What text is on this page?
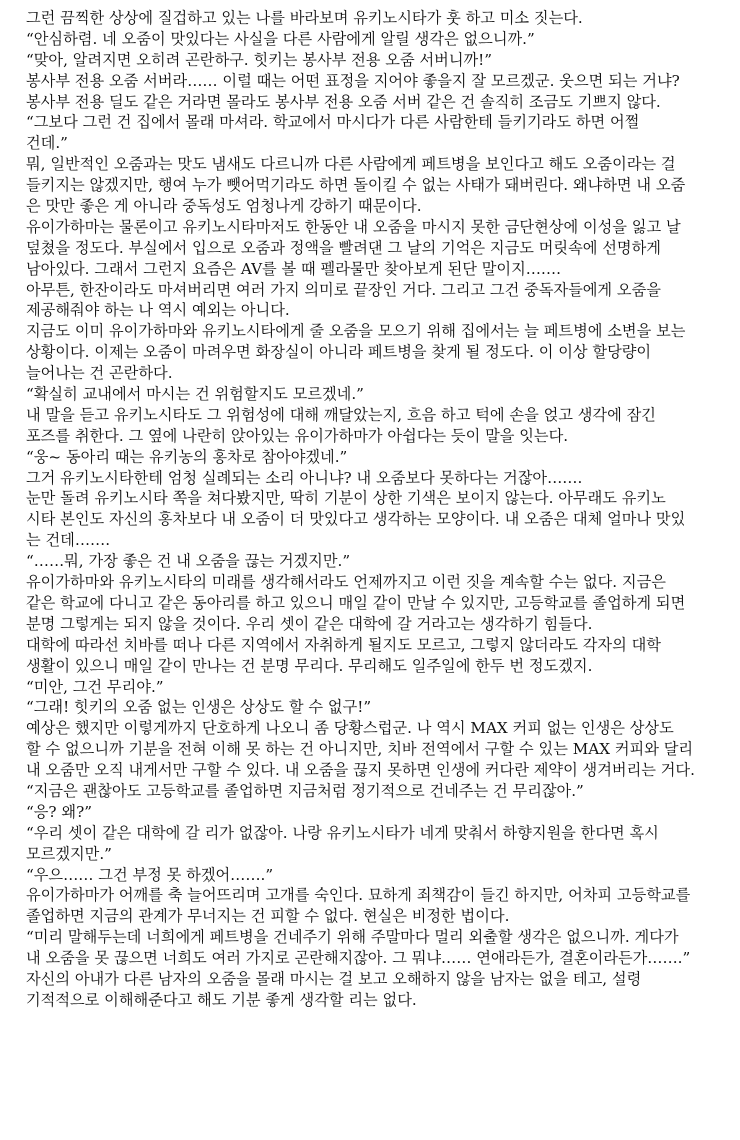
그런 끔찍한 상상에 질겁하고 있는 나를 바라보며 유키노시타가 훗 하고 미소 짓는다.
“안심하렴. 네 오줌이 맛있다는 사실을 다른 사람에게 알릴 생각은 없으니까.”
“맞아, 알려지면 오히려 곤란하구. 힛키는 봉사부 전용 오줌 서버니까!”
봉사부 전용 오줌 서버라…… 이럴 때는 어떤 표정을 지어야 좋을지 잘 모르겠군. 웃으면 되는 거냐?
봉사부 전용 딜도 같은 거라면 몰라도 봉사부 전용 오줌 서버 같은 건 솔직히 조금도 기쁘지 않다.
“그보다 그런 건 집에서 몰래 마셔라. 학교에서 마시다가 다른 사람한테 들키기라도 하면 어쩔
건데.”
뭐, 일반적인 오줌과는 맛도 냄새도 다르니까 다른 사람에게 페트병을 보인다고 해도 오줌이라는 걸
들키지는 않겠지만, 행여 누가 뺏어먹기라도 하면 돌이킬 수 없는 사태가 돼버린다. 왜냐하면 내 오줌
은 맛만 좋은 게 아니라 중독성도 엄청나게 강하기 때문이다.
유이가하마는 물론이고 유키노시타마저도 한동안 내 오줌을 마시지 못한 금단현상에 이성을 잃고 날
덮쳤을 정도다. 부실에서 입으로 오줌과 정액을 빨려댄 그 날의 기억은 지금도 머릿속에 선명하게
남아있다. 그래서 그런지 요즘은 AV를 볼 때 펠라물만 찾아보게 된단 말이지…….
아무튼, 한잔이라도 마셔버리면 여러 가지 의미로 끝장인 거다. 그리고 그건 중독자들에게 오줌을
제공해줘야 하는 나 역시 예외는 아니다.
지금도 이미 유이가하마와 유키노시타에게 줄 오줌을 모으기 위해 집에서는 늘 페트병에 소변을 보는
상황이다. 이제는 오줌이 마려우면 화장실이 아니라 페트병을 찾게 될 정도다. 이 이상 할당량이
늘어나는 건 곤란하다.
“확실히 교내에서 마시는 건 위험할지도 모르겠네.”
내 말을 듣고 유키노시타도 그 위험성에 대해 깨달았는지, 흐음 하고 턱에 손을 얹고 생각에 잠긴
포즈를 취한다. 그 옆에 나란히 앉아있는 유이가하마가 아쉽다는 듯이 말을 잇는다.
“웅~ 동아리 때는 유키농의 홍차로 참아야겠네.”
그거 유키노시타한테 엄청 실례되는 소리 아니냐? 내 오줌보다 못하다는 거잖아…….
눈만 돌려 유키노시타 쪽을 쳐다봤지만, 딱히 기분이 상한 기색은 보이지 않는다. 아무래도 유키노
시타 본인도 자신의 홍차보다 내 오줌이 더 맛있다고 생각하는 모양이다. 내 오줌은 대체 얼마나 맛있
는 건데…….
“……뭐, 가장 좋은 건 내 오줌을 끊는 거겠지만.”
유이가하마와 유키노시타의 미래를 생각해서라도 언제까지고 이런 짓을 계속할 수는 없다. 지금은
같은 학교에 다니고 같은 동아리를 하고 있으니 매일 같이 만날 수 있지만, 고등학교를 졸업하게 되면
분명 그렇게는 되지 않을 것이다. 우리 셋이 같은 대학에 갈 거라고는 생각하기 힘들다.
대학에 따라선 치바를 떠나 다른 지역에서 자취하게 될지도 모르고, 그렇지 않더라도 각자의 대학
생활이 있으니 매일 같이 만나는 건 분명 무리다. 무리해도 일주일에 한두 번 정도겠지.
“미안, 그건 무리야.”
“그래! 힛키의 오줌 없는 인생은 상상도 할 수 없구!”
예상은 했지만 이렇게까지 단호하게 나오니 좀 당황스럽군. 나 역시 MAX 커피 없는 인생은 상상도
할 수 없으니까 기분을 전혀 이해 못 하는 건 아니지만, 치바 전역에서 구할 수 있는 MAX 커피와 달리
내 오줌만 오직 내게서만 구할 수 있다. 내 오줌을 끊지 못하면 인생에 커다란 제약이 생겨버리는 거다.
“지금은 괜찮아도 고등학교를 졸업하면 지금처럼 정기적으로 건네주는 건 무리잖아.”
“응? 왜?”
“우리 셋이 같은 대학에 갈 리가 없잖아. 나랑 유키노시타가 네게 맞춰서 하향지원을 한다면 혹시
모르겠지만.”
“우으…… 그건 부정 못 하겠어…….”
유이가하마가 어깨를 축 늘어뜨리며 고개를 숙인다. 묘하게 죄책감이 들긴 하지만, 어차피 고등학교를
졸업하면 지금의 관계가 무너지는 건 피할 수 없다. 현실은 비정한 법이다.
“미리 말해두는데 너희에게 페트병을 건네주기 위해 주말마다 멀리 외출할 생각은 없으니까. 게다가
내 오줌을 못 끊으면 너희도 여러 가지로 곤란해지잖아. 그 뭐냐…… 연애라든가, 결혼이라든가…….”
자신의 아내가 다른 남자의 오줌을 몰래 마시는 걸 보고 오해하지 않을 남자는 없을 테고, 설령
기적적으로 이해해준다고 해도 기분 좋게 생각할 리는 없다.
